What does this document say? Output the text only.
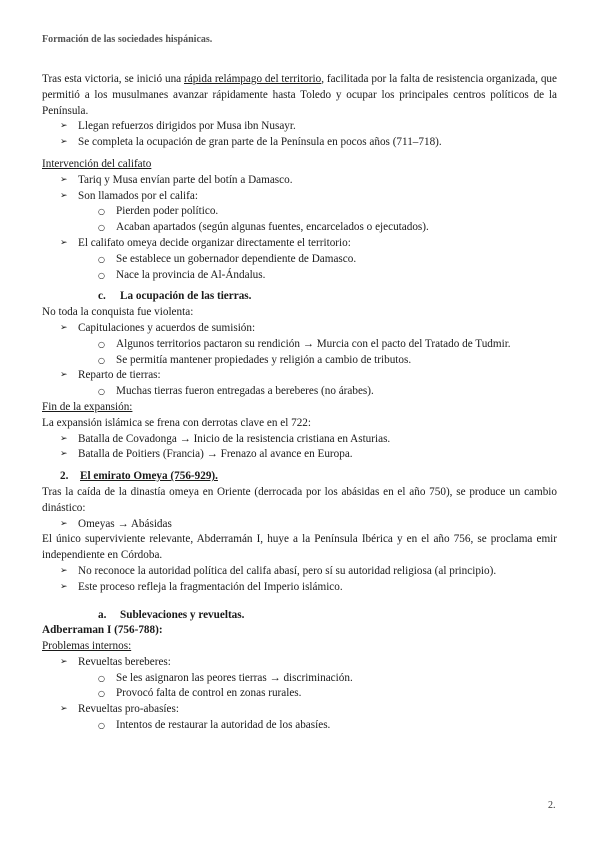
Formación de las sociedades hispánicas.

Tras esta victoria, se inició una rápida relámpago del territorio, facilitada por la falta de resistencia organizada, que permitió a los musulmanes avanzar rápidamente hasta Toledo y ocupar los principales centros políticos de la Península.

➢ Llegan refuerzos dirigidos por Musa ibn Nusayr.

➢ Se completa la ocupación de gran parte de la Península en pocos años (711–718).

Intervención del califato

➢ Tariq y Musa envían parte del botín a Damasco.

➢ Son llamados por el califa:

○ Pierden poder político.

○ Acaban apartados (según algunas fuentes, encarcelados o ejecutados).

➢ El califato omeya decide organizar directamente el territorio:

○ Se establece un gobernador dependiente de Damasco.

○ Nace la provincia de Al-Ándalus.

c. La ocupación de las tierras.

No toda la conquista fue violenta:

➢ Capitulaciones y acuerdos de sumisión:

○ Algunos territorios pactaron su rendición → Murcia con el pacto del Tratado de Tudmir.

○ Se permitía mantener propiedades y religión a cambio de tributos.

➢ Reparto de tierras:

○ Muchas tierras fueron entregadas a bereberes (no árabes).

Fin de la expansión:

La expansión islámica se frena con derrotas clave en el 722:

➢ Batalla de Covadonga → Inicio de la resistencia cristiana en Asturias.

➢ Batalla de Poitiers (Francia) → Frenazo al avance en Europa.

2. El emirato Omeya (756-929).

Tras la caída de la dinastía omeya en Oriente (derrocada por los abásidas en el año 750), se produce un cambio dinástico:

➢ Omeyas → Abásidas

El único superviviente relevante, Abderramán I, huye a la Península Ibérica y en el año 756, se proclama emir independiente en Córdoba.

➢ No reconoce la autoridad política del califa abasí, pero sí su autoridad religiosa (al principio).

➢ Este proceso refleja la fragmentación del Imperio islámico.

a. Sublevaciones y revueltas.

Adberraman I (756-788):

Problemas internos:

➢ Revueltas bereberes:

○ Se les asignaron las peores tierras → discriminación.

○ Provocó falta de control en zonas rurales.

➢ Revueltas pro-abasíes:

○ Intentos de restaurar la autoridad de los abasíes.

2.
